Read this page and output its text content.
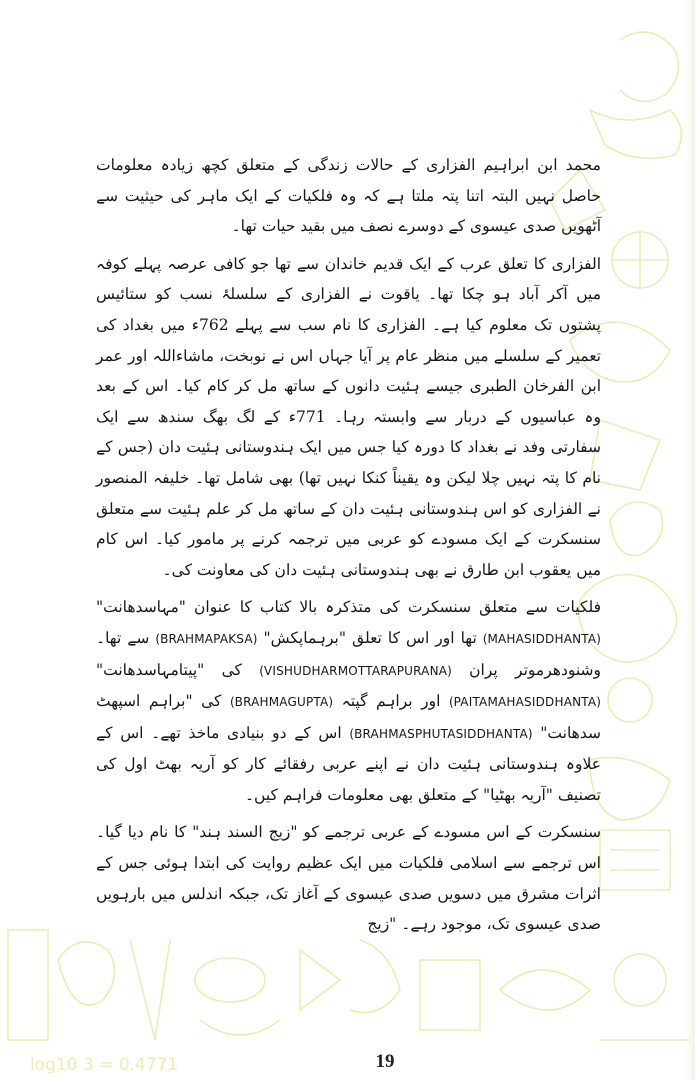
log10 3 = 0.4771

محمد ابن ابراہیم الفزاری کے حالات زندگی کے متعلق کچھ زیادہ معلومات حاصل نہیں البتہ اتنا پتہ ملتا ہے کہ وہ فلکیات کے ایک ماہر کی حیثیت سے آٹھویں صدی عیسوی کے دوسرے نصف میں بقید حیات تھا۔

الفزاری کا تعلق عرب کے ایک قدیم خاندان سے تھا جو کافی عرصہ پہلے کوفہ میں آکر آباد ہو چکا تھا۔ یاقوت نے الفزاری کے سلسلۂ نسب کو ستائیس پشتوں تک معلوم کیا ہے۔ الفزاری کا نام سب سے پہلے 762ء میں بغداد کی تعمیر کے سلسلے میں منظر عام پر آیا جہاں اس نے نوبخت، ماشاءاللہ اور عمر ابن الفرخان الطبری جیسے ہئیت دانوں کے ساتھ مل کر کام کیا۔ اس کے بعد وہ عباسیوں کے دربار سے وابستہ رہا۔ 771ء کے لگ بھگ سندھ سے ایک سفارتی وفد نے بغداد کا دورہ کیا جس میں ایک ہندوستانی ہئیت دان (جس کے نام کا پتہ نہیں چلا لیکن وہ یقیناً کنکا نہیں تھا) بھی شامل تھا۔ خلیفہ المنصور نے الفزاری کو اس ہندوستانی ہئیت دان کے ساتھ مل کر علم ہئیت سے متعلق سنسکرت کے ایک مسودے کو عربی میں ترجمہ کرنے پر مامور کیا۔ اس کام میں یعقوب ابن طارق نے بھی ہندوستانی ہئیت دان کی معاونت کی۔

فلکیات سے متعلق سنسکرت کی متذکرہ بالا کتاب کا عنوان "مہاسدھانت" (MAHASIDDHANTA) تھا اور اس کا تعلق "برہماپکش" (BRAHMAPAKSA) سے تھا۔ وشنودھرموتر پران (VISHUDHARMOTTARAPURANA) کی "پیتامہاسدھانت" (PAITAMAHASIDDHANTA) اور براہم گپتہ (BRAHMAGUPTA) کی "براہم اسپھٹ سدھانت" (BRAHMASPHUTASIDDHANTA) اس کے دو بنیادی ماخذ تھے۔ اس کے علاوہ ہندوستانی ہئیت دان نے اپنے عربی رفقائے کار کو آریہ بھٹ اول کی تصنیف "آریہ بھٹیا" کے متعلق بھی معلومات فراہم کیں۔

سنسکرت کے اس مسودے کے عربی ترجمے کو "زیج السند ہند" کا نام دیا گیا۔ اس ترجمے سے اسلامی فلکیات میں ایک عظیم روایت کی ابتدا ہوئی جس کے اثرات مشرق میں دسویں صدی عیسوی کے آغاز تک، جبکہ اندلس میں بارہویں صدی عیسوی تک، موجود رہے۔ "زیج

19
